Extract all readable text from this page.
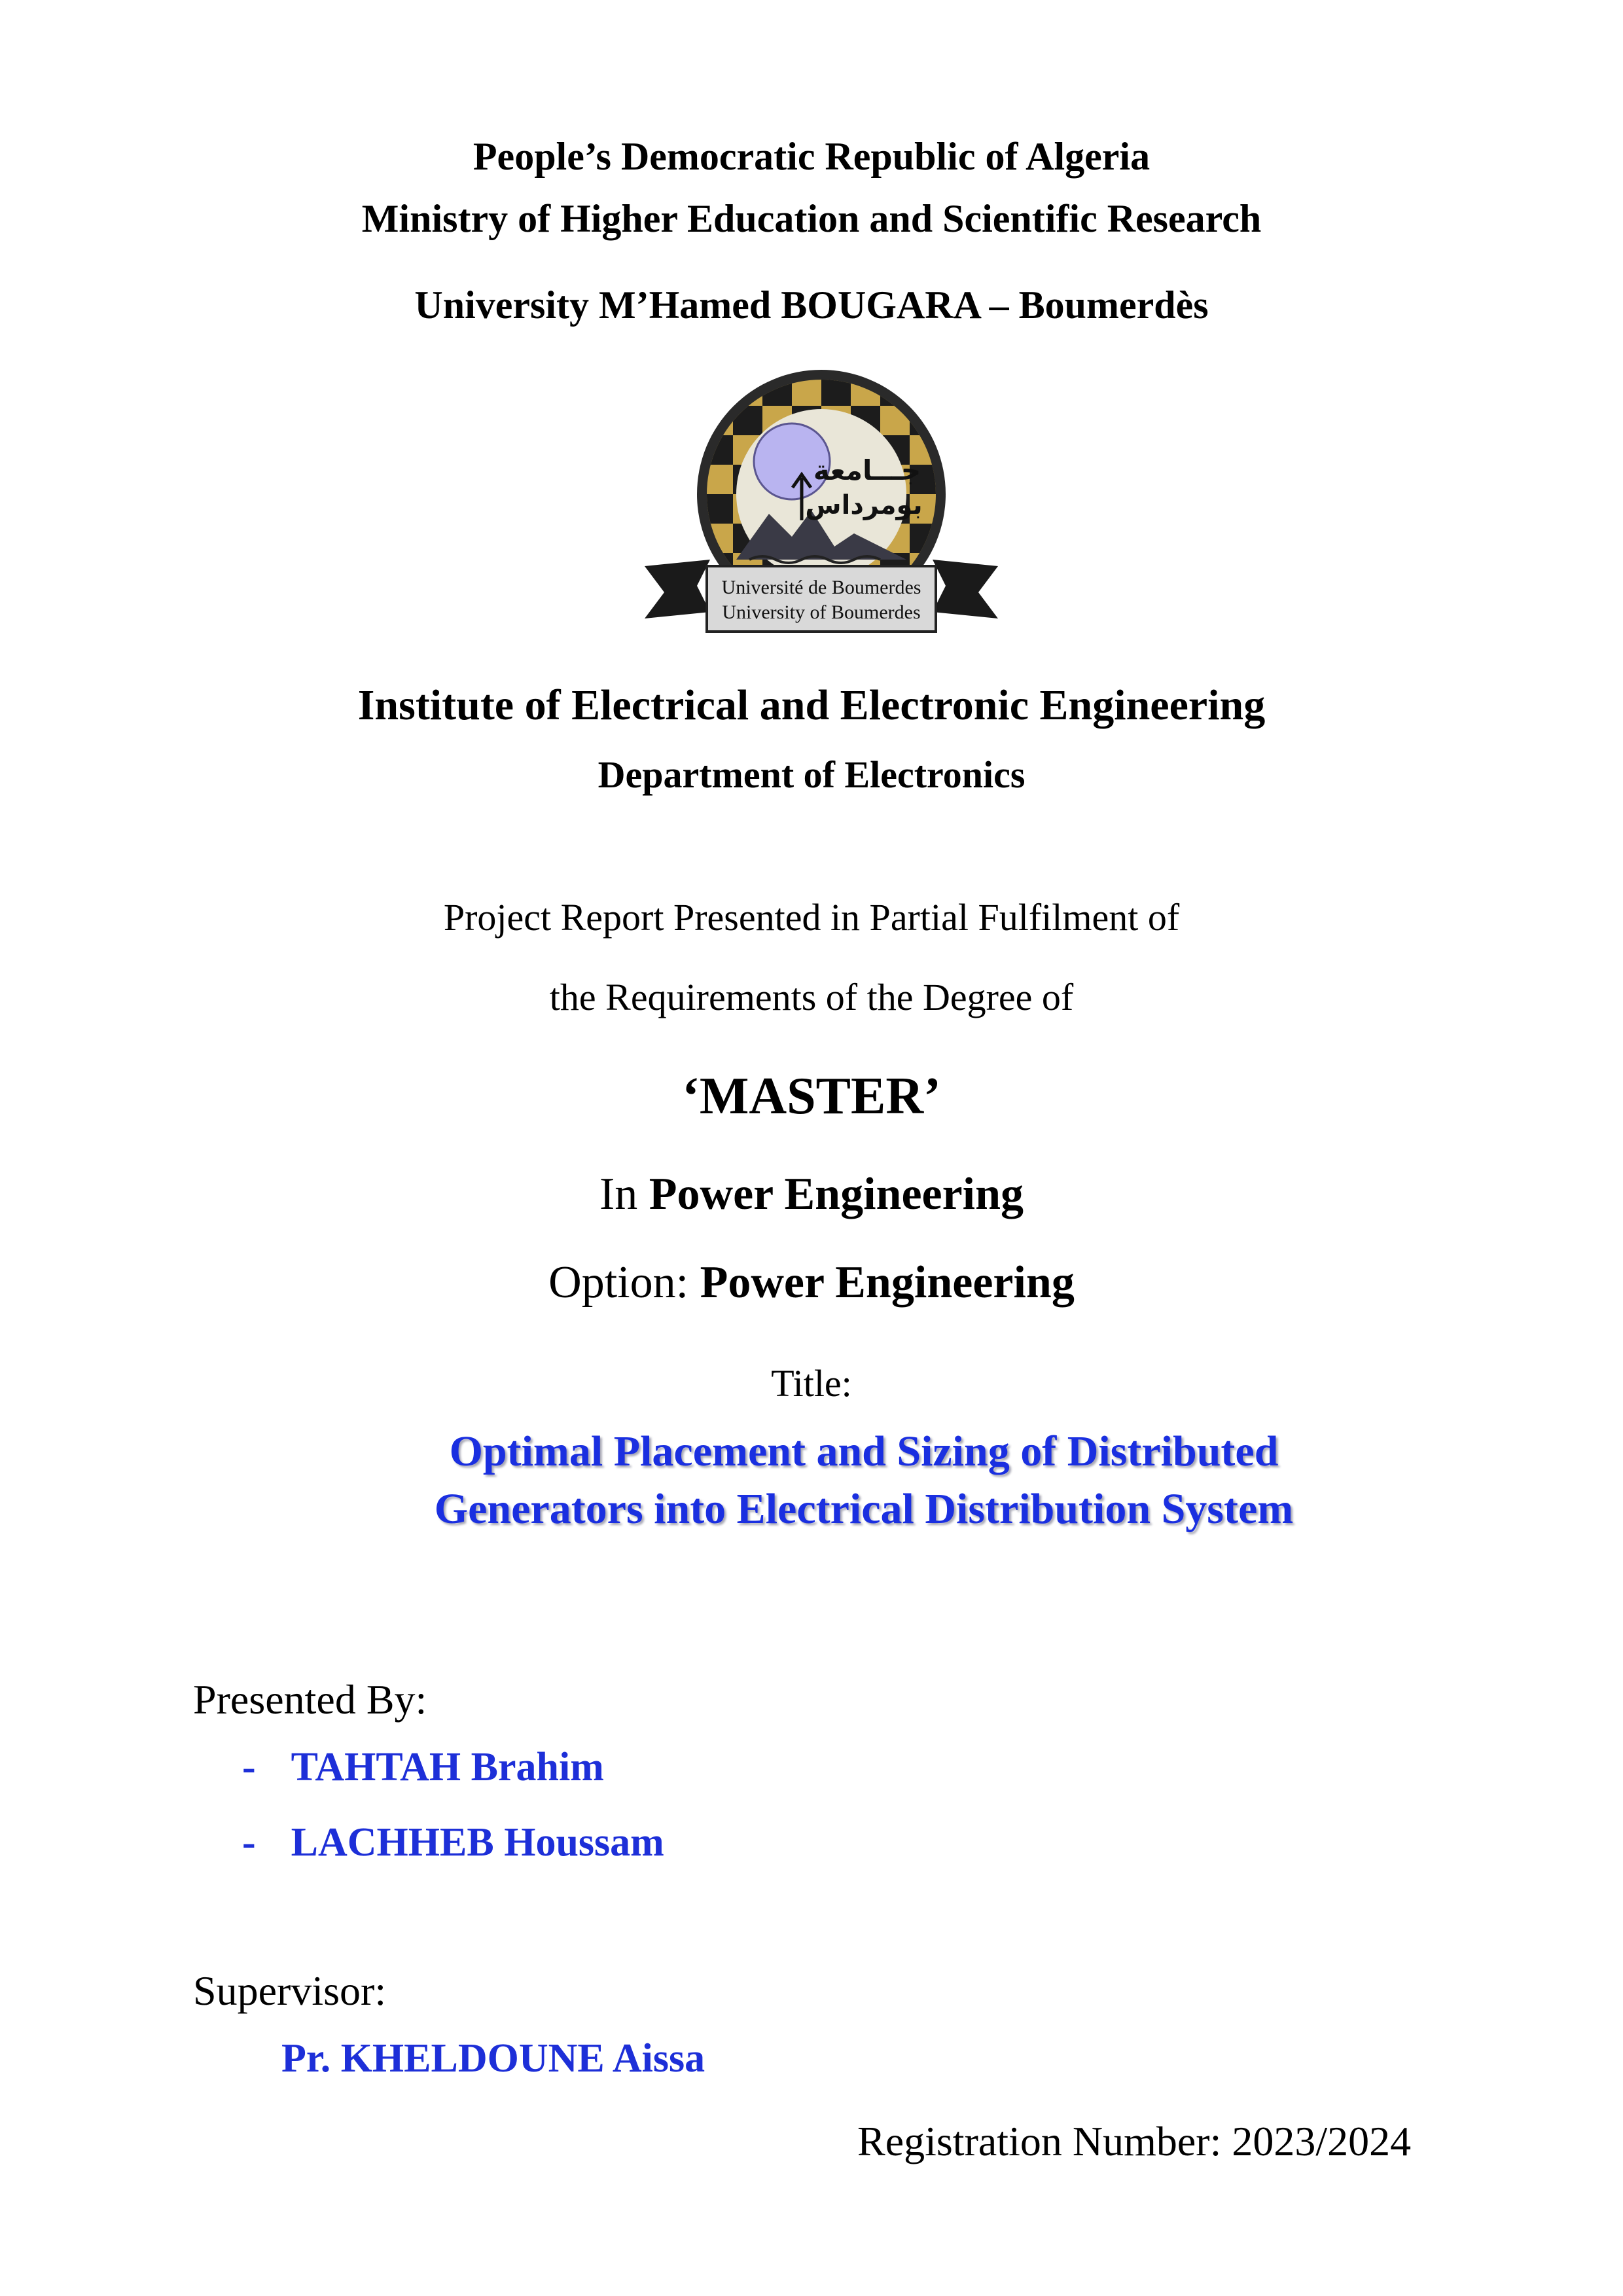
People’s Democratic Republic of Algeria
Ministry of Higher Education and Scientific Research
University M’Hamed BOUGARA – Boumerdès
جـــامعة
بومرداس
Université de Boumerdes
University of Boumerdes
Institute of Electrical and Electronic Engineering
Department of Electronics
Project Report Presented in Partial Fulfilment of
the Requirements of the Degree of
‘MASTER’
In Power Engineering
Option: Power Engineering
Title:
Optimal Placement and Sizing of Distributed
Generators into Electrical Distribution System
Presented By:
- TAHTAH Brahim
- LACHHEB Houssam
Supervisor:
Pr. KHELDOUNE Aissa
Registration Number: 2023/2024
